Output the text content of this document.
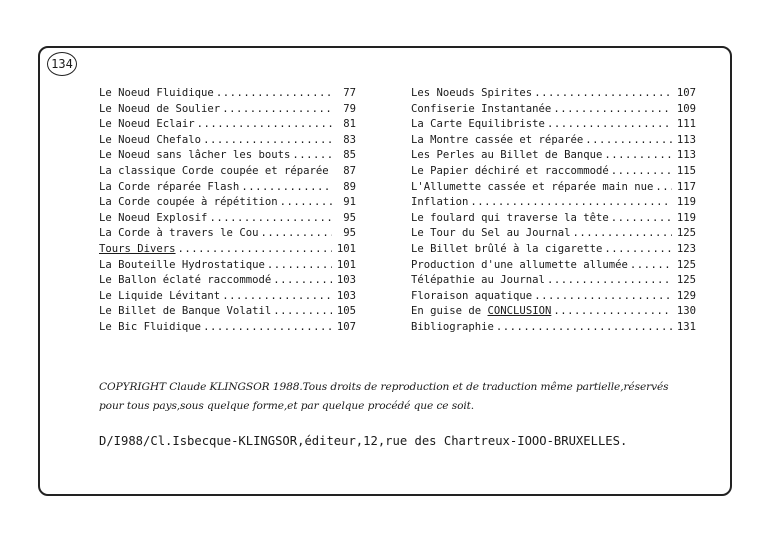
134
Le Noeud Fluidique .....	77
Le Noeud de Soulier .....	79
Le Noeud Eclair .....	81
Le Noeud Chefalo .....	83
Le Noeud sans lâcher les bouts .....	85
La classique Corde coupée et réparée .....	87
La Corde réparée Flash .....	89
La Corde coupée à répétition .....	91
Le Noeud Explosif .....	95
La Corde à travers le Cou .....	95
Tours Divers .....	101
La Bouteille Hydrostatique .....	101
Le Ballon éclaté raccommodé .....	103
Le Liquide Lévitant .....	103
Le Billet de Banque Volatil .....	105
Le Bic Fluidique .....	107
Les Noeuds Spirites .....	107
Confiserie Instantanée .....	109
La Carte Equilibriste .....	111
La Montre cassée et réparée .....	113
Les Perles au Billet de Banque .....	113
Le Papier déchiré et raccommodé .....	115
L'Allumette cassée et réparée main nue ..... 117
Inflation .....	119
Le foulard qui traverse la tête .....	119
Le Tour du Sel au Journal .....	125
Le Billet brûlé à la cigarette .....	123
Production d'une allumette allumée .....	125
Télépathie au Journal .....	125
Floraison aquatique .....	129
En guise de CONCLUSION .....	130
Bibliographie .....	131
COPYRIGHT Claude KLINGSOR 1988.Tous droits de reproduction et de traduction même partielle,réservés
pour tous pays,sous quelque forme,et par quelque procédé que ce soit.
D/I988/Cl.Isbecque-KLINGSOR,éditeur,12,rue des Chartreux-IOOO-BRUXELLES.
